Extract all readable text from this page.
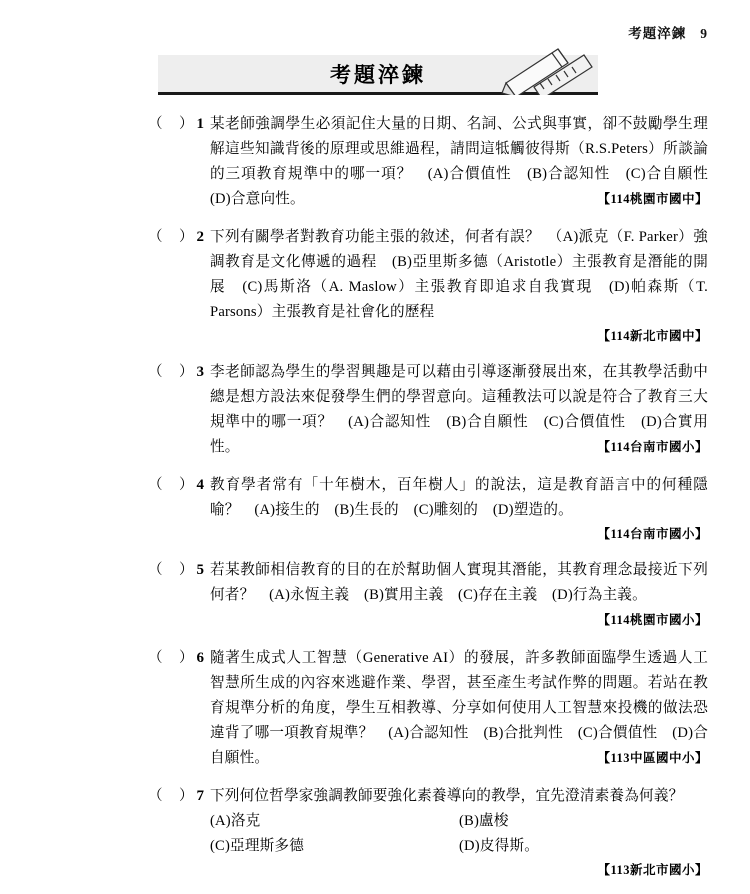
考題淬鍊 9
考題淬鍊
（　） 1 某老師強調學生必須記住大量的日期、名詞、公式與事實，卻不鼓勵學生理解這些知識背後的原理或思維過程，請問這牴觸彼得斯（R.S.Peters）所談論的三項教育規準中的哪一項？　(A)合價值性　(B)合認知性　(C)合自願性　(D)合意向性。	【114桃園市國中】
（　） 2 下列有關學者對教育功能主張的敘述，何者有誤？　（A)派克（F. Parker）強調教育是文化傳遞的過程　(B)亞里斯多德（Aristotle）主張教育是潛能的開展　(C)馬斯洛（A. Maslow）主張教育即追求自我實現　(D)帕森斯（T. Parsons）主張教育是社會化的歷程
【114新北市國中】
（　） 3 李老師認為學生的學習興趣是可以藉由引導逐漸發展出來，在其教學活動中總是想方設法來促發學生們的學習意向。這種教法可以說是符合了教育三大規準中的哪一項？　(A)合認知性　(B)合自願性　(C)合價值性　(D)合實用性。	【114台南市國小】
（　） 4 教育學者常有「十年樹木，百年樹人」的說法，這是教育語言中的何種隱喻？　(A)接生的　(B)生長的　(C)雕刻的　(D)塑造的。
【114台南市國小】
（　） 5 若某教師相信教育的目的在於幫助個人實現其潛能，其教育理念最接近下列何者？　(A)永恆主義　(B)實用主義　(C)存在主義　(D)行為主義。
【114桃園市國小】
（　） 6 隨著生成式人工智慧（Generative AI）的發展，許多教師面臨學生透過人工智慧所生成的內容來逃避作業、學習，甚至產生考試作弊的問題。若站在教育規準分析的角度，學生互相教導、分享如何使用人工智慧來投機的做法恐違背了哪一項教育規準？　(A)合認知性　(B)合批判性　(C)合價值性　(D)合自願性。	【113中區國中小】
（　） 7 下列何位哲學家強調教師要強化素養導向的教學，宜先澄清素養為何義？

(A)洛克	(B)盧梭
(C)亞理斯多德	(D)皮得斯。
【113新北市國小】
